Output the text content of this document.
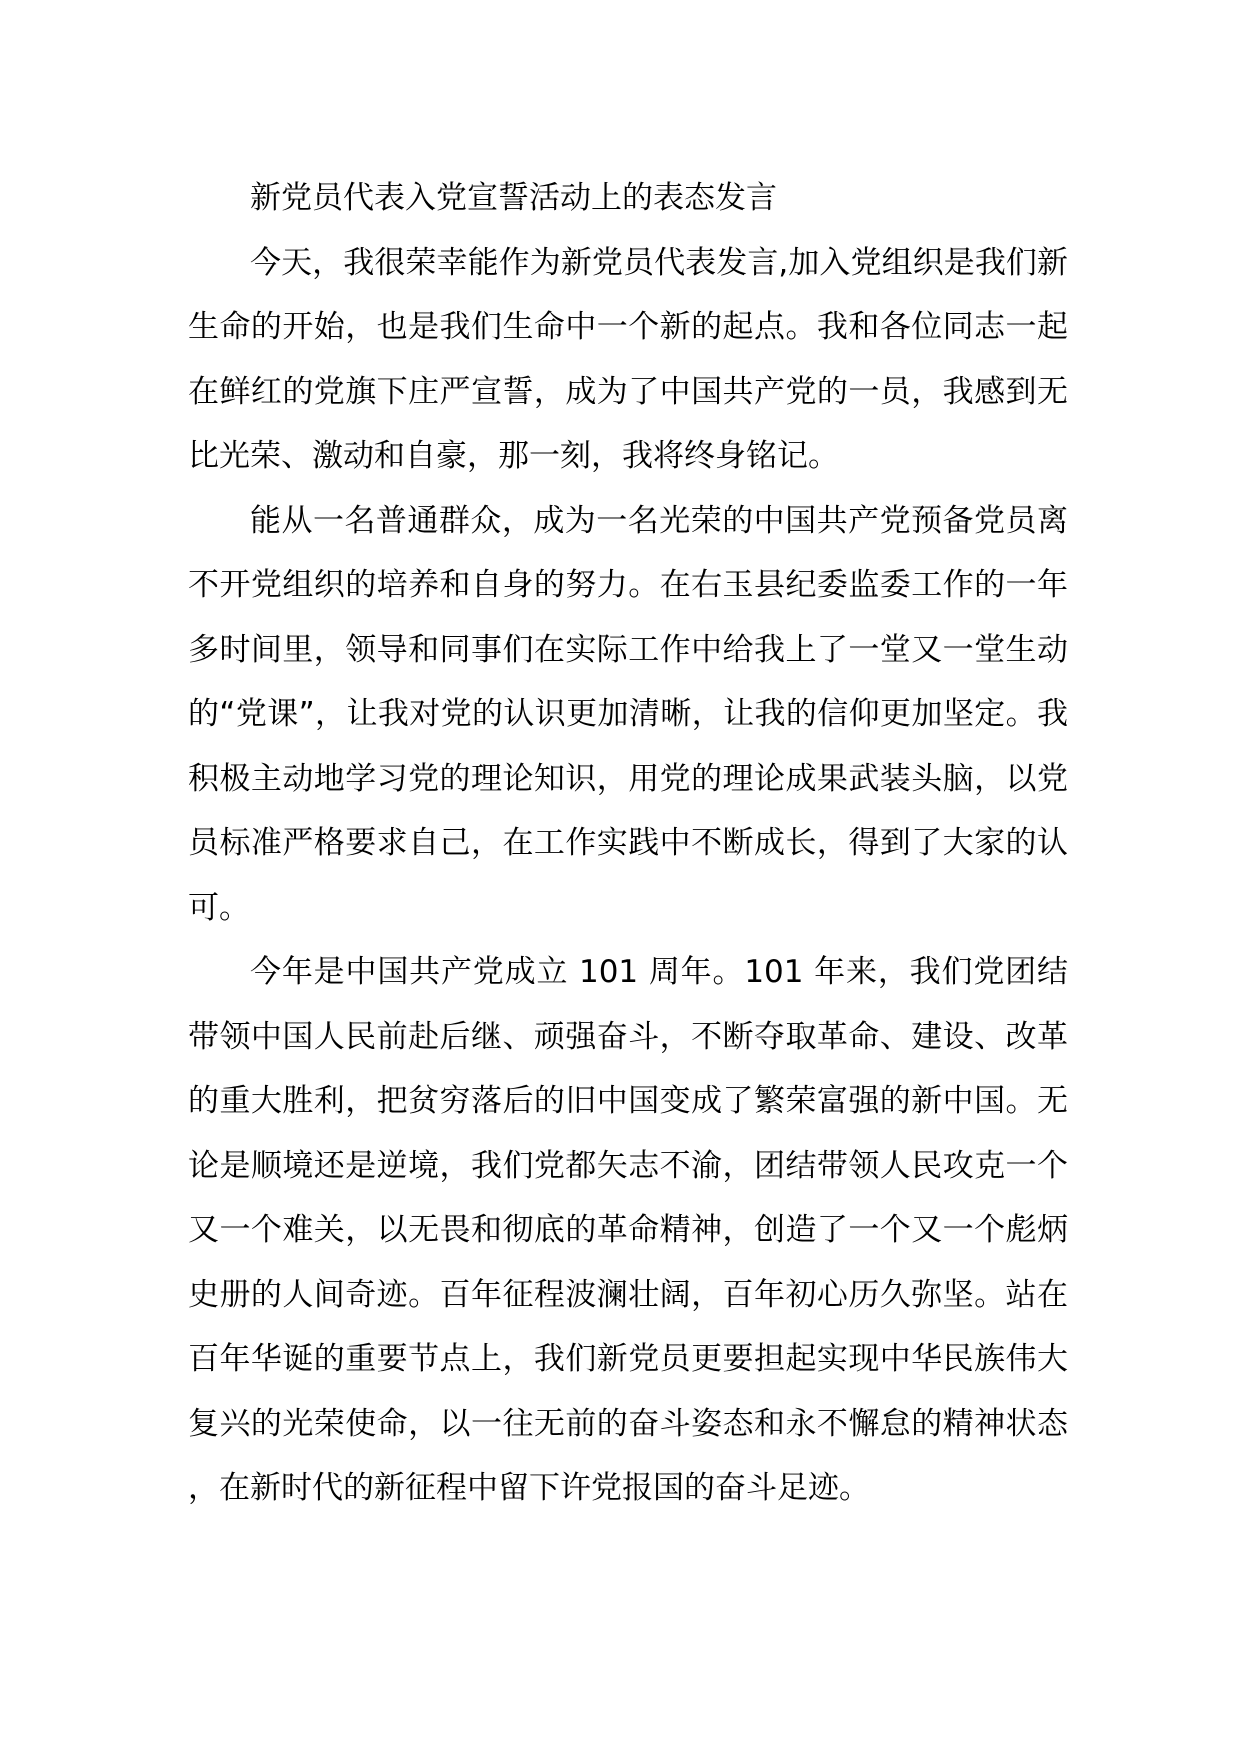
新党员代表入党宣誓活动上的表态发言

今天，我很荣幸能作为新党员代表发言,加入党组织是我们新生命的开始，也是我们生命中一个新的起点。我和各位同志一起在鲜红的党旗下庄严宣誓，成为了中国共产党的一员，我感到无比光荣、激动和自豪，那一刻，我将终身铭记。

能从一名普通群众，成为一名光荣的中国共产党预备党员离不开党组织的培养和自身的努力。在右玉县纪委监委工作的一年多时间里，领导和同事们在实际工作中给我上了一堂又一堂生动的“党课”，让我对党的认识更加清晰，让我的信仰更加坚定。我积极主动地学习党的理论知识，用党的理论成果武装头脑，以党员标准严格要求自己，在工作实践中不断成长，得到了大家的认可。

今年是中国共产党成立 101 周年。101 年来，我们党团结带领中国人民前赴后继、顽强奋斗，不断夺取革命、建设、改革的重大胜利，把贫穷落后的旧中国变成了繁荣富强的新中国。无论是顺境还是逆境，我们党都矢志不渝，团结带领人民攻克一个又一个难关，以无畏和彻底的革命精神，创造了一个又一个彪炳史册的人间奇迹。百年征程波澜壮阔，百年初心历久弥坚。站在百年华诞的重要节点上，我们新党员更要担起实现中华民族伟大复兴的光荣使命，以一往无前的奋斗姿态和永不懈怠的精神状态，在新时代的新征程中留下许党报国的奋斗足迹。
